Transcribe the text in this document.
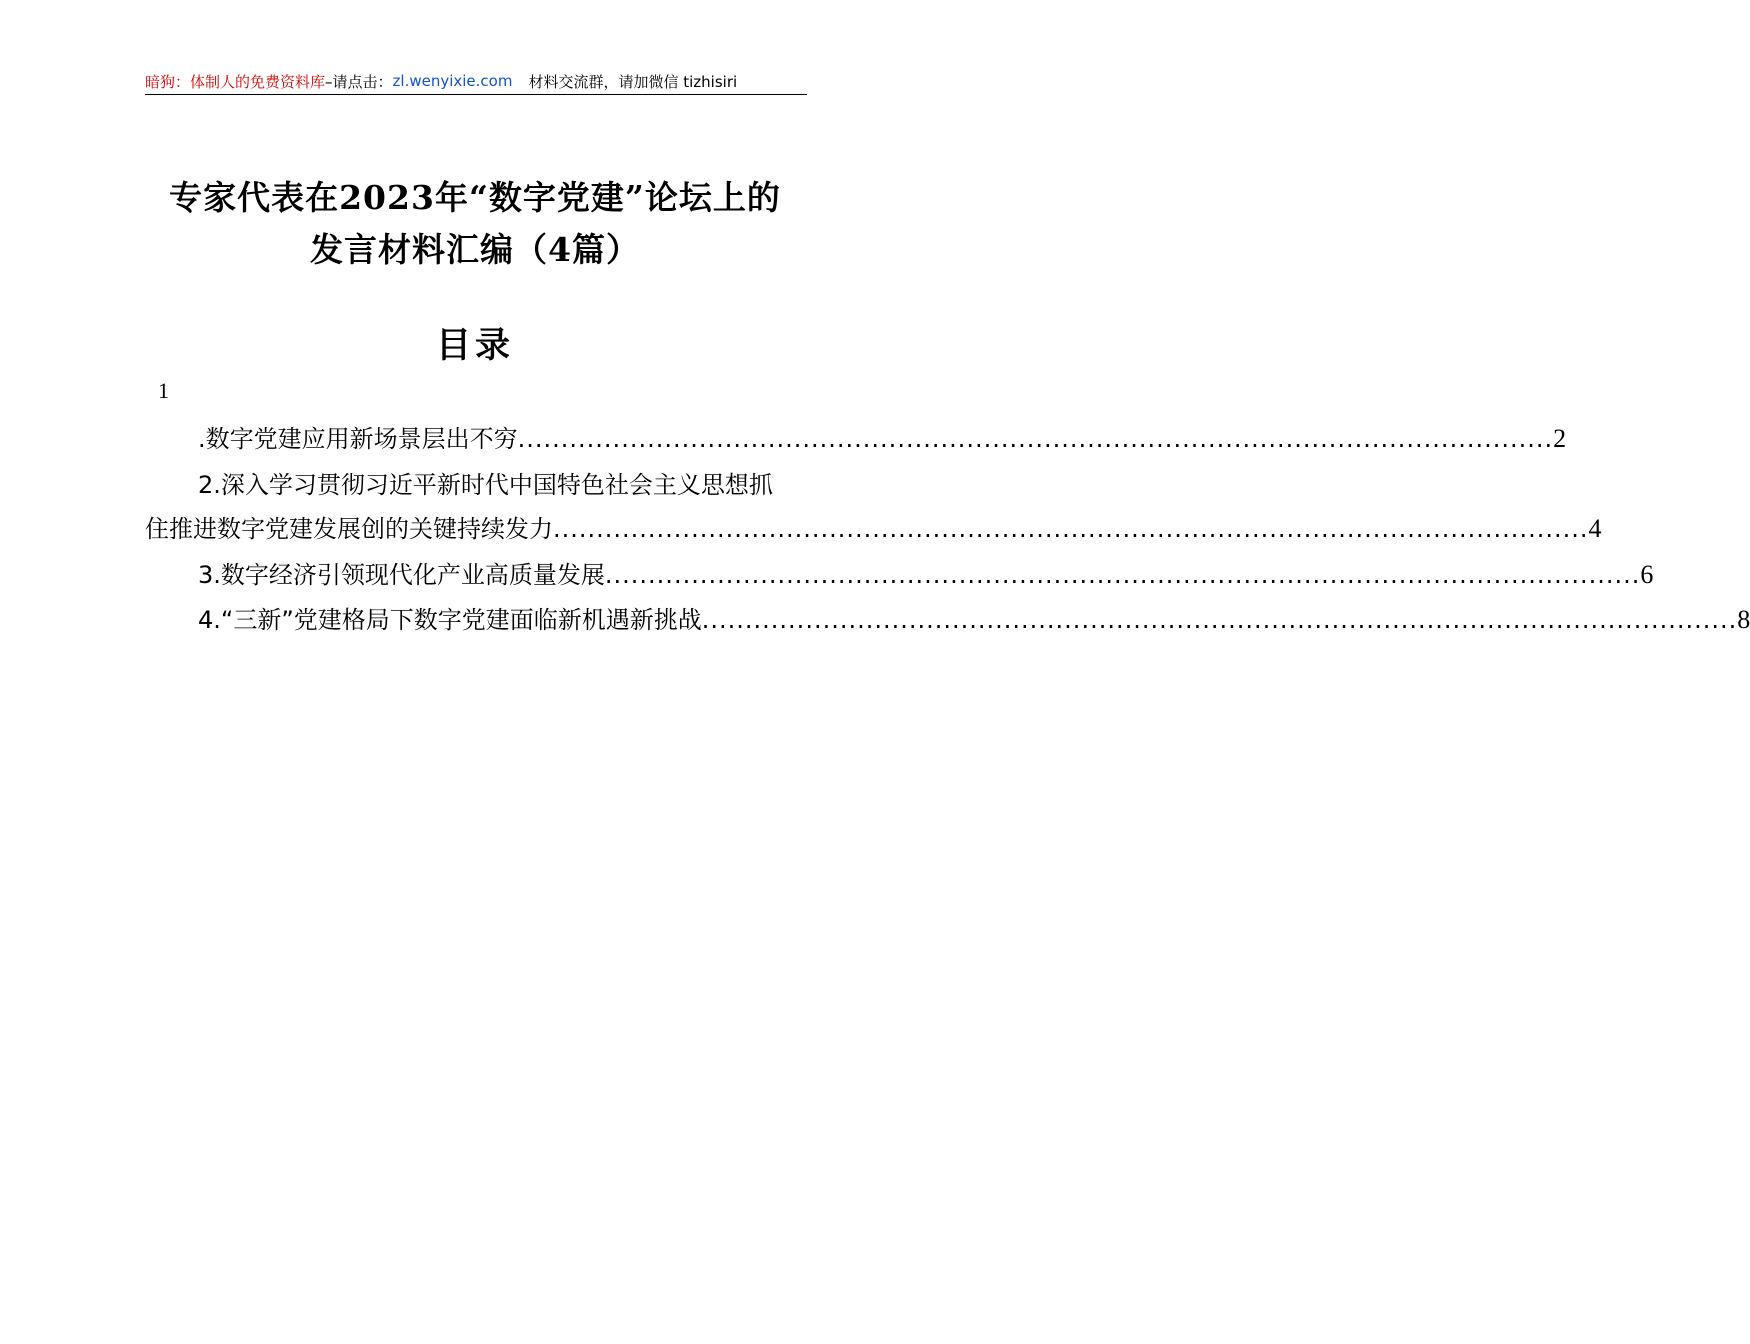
暗狗：体制人的免费资料库 –请点击： zl.wenyixie.com 材料交流群，请加微信 tizhisiri
专家代表在2023年“数字党建”论坛上的
发言材料汇编（4篇）
目录
1
.数字党建应用新场景层出不穷 ........................................................................................................................ 2
2.深入学习贯彻习近平新时代中国特色社会主义思想抓
住推进数字党建发展创的关键持续发力 ........................................................................................................................ 4
3.数字经济引领现代化产业高质量发展 ........................................................................................................................ 6
4.“三新”党建格局下数字党建面临新机遇新挑战 ........................................................................................................................ 8
